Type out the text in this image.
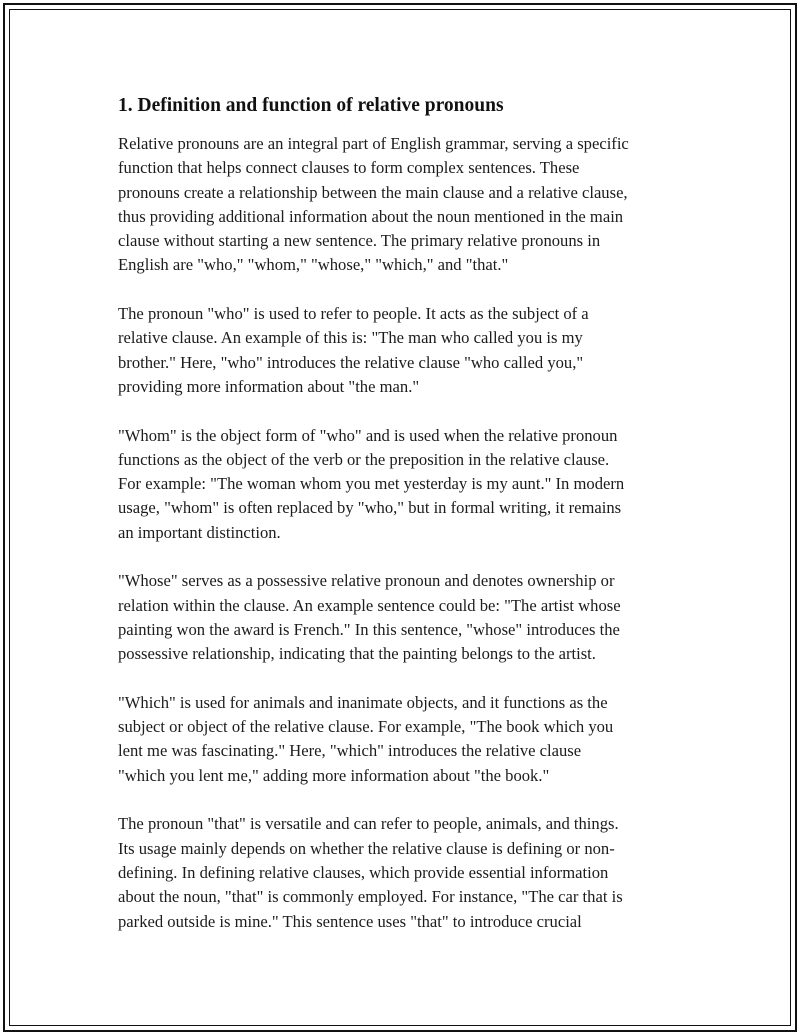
1. Definition and function of relative pronouns

Relative pronouns are an integral part of English grammar, serving a specific
function that helps connect clauses to form complex sentences. These
pronouns create a relationship between the main clause and a relative clause,
thus providing additional information about the noun mentioned in the main
clause without starting a new sentence. The primary relative pronouns in
English are "who," "whom," "whose," "which," and "that."

The pronoun "who" is used to refer to people. It acts as the subject of a
relative clause. An example of this is: "The man who called you is my
brother." Here, "who" introduces the relative clause "who called you,"
providing more information about "the man."

"Whom" is the object form of "who" and is used when the relative pronoun
functions as the object of the verb or the preposition in the relative clause.
For example: "The woman whom you met yesterday is my aunt." In modern
usage, "whom" is often replaced by "who," but in formal writing, it remains
an important distinction.

"Whose" serves as a possessive relative pronoun and denotes ownership or
relation within the clause. An example sentence could be: "The artist whose
painting won the award is French." In this sentence, "whose" introduces the
possessive relationship, indicating that the painting belongs to the artist.

"Which" is used for animals and inanimate objects, and it functions as the
subject or object of the relative clause. For example, "The book which you
lent me was fascinating." Here, "which" introduces the relative clause
"which you lent me," adding more information about "the book."

The pronoun "that" is versatile and can refer to people, animals, and things.
Its usage mainly depends on whether the relative clause is defining or non-
defining. In defining relative clauses, which provide essential information
about the noun, "that" is commonly employed. For instance, "The car that is
parked outside is mine." This sentence uses "that" to introduce crucial
